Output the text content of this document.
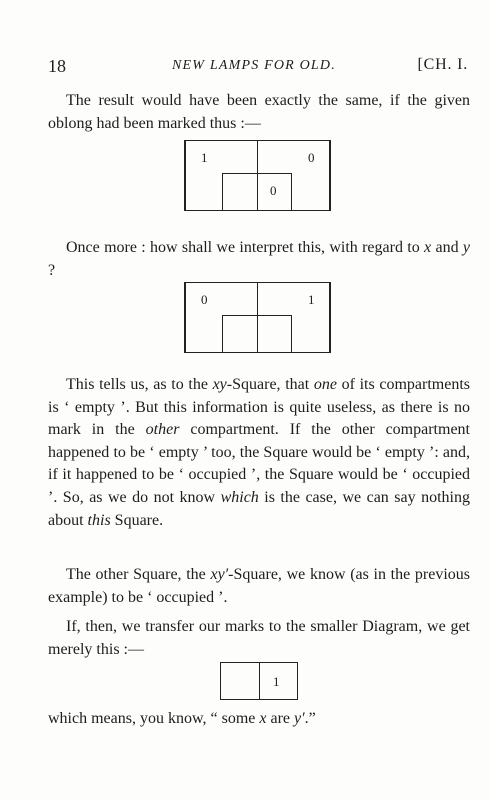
18	NEW LAMPS FOR OLD.	[CH. I.
The result would have been exactly the same, if the given oblong had been marked thus :—
1	0
0
Once more : how shall we interpret this, with regard to x and y ?
0	1
This tells us, as to the xy-Square, that one of its compartments is ‘ empty ’. But this information is quite useless, as there is no mark in the other compartment. If the other compartment happened to be ‘ empty ’ too, the Square would be ‘ empty ’: and, if it happened to be ‘ occupied ’, the Square would be ‘ occupied ’. So, as we do not know which is the case, we can say nothing about this Square.
The other Square, the xy′-Square, we know (as in the previous example) to be ‘ occupied ’.
If, then, we transfer our marks to the smaller Diagram, we get merely this :—
1
which means, you know, “ some x are y′.”
